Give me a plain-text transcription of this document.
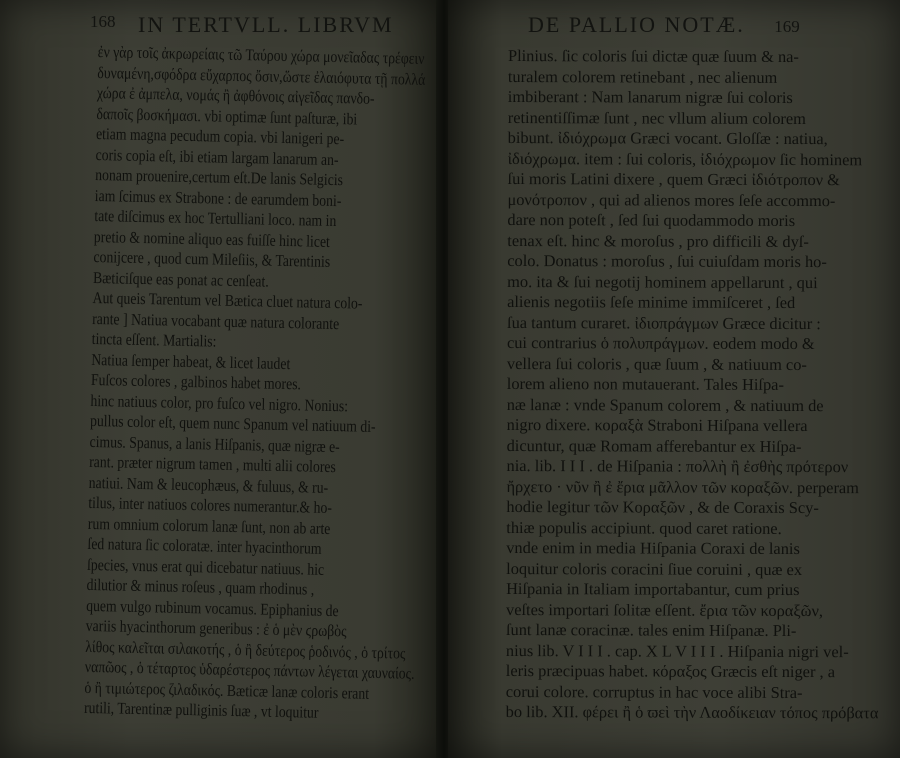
168 IN TERTVLL. LIBRVM
ἐν γὰρ τοῖς ἀκρωρείαις τῶ Ταύρου χώρα μονεῖαδας τρέφειν
δυναμένη,σφόδρα εὔχαρπος ὄσιν,ὥστε ἐλαιόφυτα τῇ πολλά
χώρα ἐ ἀμπελα, νομάς ἢ ἀφθόνοις αἰγεῖδας πανδο-
δαποῖς βοσκήμασι. vbi optimæ ſunt paſturæ, ibi
etiam magna pecudum copia. vbi lanigeri pe-
coris copia eſt, ibi etiam largam lanarum an-
nonam prouenire,certum eſt.De lanis Selgicis
iam ſcimus ex Strabone : de earumdem boni-
tate diſcimus ex hoc Tertulliani loco. nam in
pretio & nomine aliquo eas fuiſſe hinc licet
conijcere , quod cum Mileſiis, & Tarentinis
Bæticiſque eas ponat ac cenſeat.
Aut queis Tarentum vel Bætica cluet natura colo-
rante ] Natiua vocabant quæ natura colorante
tincta eſſent. Martialis:
Natiua ſemper habeat, & licet laudet
Fuſcos colores , galbinos habet mores.
hinc natiuus color, pro fuſco vel nigro. Nonius:
pullus color eſt, quem nunc Spanum vel natiuum di-
cimus. Spanus, a lanis Hiſpanis, quæ nigræ e-
rant. præter nigrum tamen , multi alii colores
natiui. Nam & leucophæus, & fuluus, & ru-
tilus, inter natiuos colores numerantur.& ho-
rum omnium colorum lanæ ſunt, non ab arte
ſed natura ſic coloratæ. inter hyacinthorum
ſpecies, vnus erat qui dicebatur natiuus. hic
dilutior & minus roſeus , quam rhodinus ,
quem vulgo rubinum vocamus. Epiphanius de
variis hyacinthorum generibus : ἐ ὁ μὲν ϛρωβὸς
λίθος καλεῖται σιλακοτής , ὁ ἢ δεύτερος ῥοδινός , ὁ τρίτος
ναπῶος , ὁ τέταρτος ὑδαρέστερος πάντων λέγεται χαυναίος.
ὁ ἢ τιμιώτερος ζιλαδικός. Bæticæ lanæ coloris erant
rutili, Tarentinæ pulliginis ſuæ , vt loquitur
DE PALLIO NOTÆ. 169
Plinius. ſic coloris ſui dictæ quæ ſuum & na-
turalem colorem retinebant , nec alienum
imbiberant : Nam lanarum nigræ ſui coloris
retinentiſſimæ ſunt , nec vllum alium colorem
bibunt. ἰδιόχρωμα Græci vocant. Gloſſæ : natiua,
ἰδιόχρωμα. item : ſui coloris, ἰδιόχρωμον ſic hominem
ſui moris Latini dixere , quem Græci ἰδιότροπον &
μονότροπον , qui ad alienos mores ſeſe accommo-
dare non poteſt , ſed ſui quodammodo moris
tenax eſt. hinc & moroſus , pro difficili & dyſ-
colo. Donatus : moroſus , ſui cuiuſdam moris ho-
mo. ita & ſui negotij hominem appellarunt , qui
alienis negotiis ſeſe minime immiſceret , ſed
ſua tantum curaret. ἰδιοπράγμων Græce dicitur :
cui contrarius ὁ πολυπράγμων. eodem modo &
vellera ſui coloris , quæ ſuum , & natiuum co-
lorem alieno non mutauerant. Tales Hiſpa-
næ lanæ : vnde Spanum colorem , & natiuum de
nigro dixere. κοραξὰ Straboni Hiſpana vellera
dicuntur, quæ Romam afferebantur ex Hiſpa-
nia. lib. I I I . de Hiſpania : πολλὴ ἢ ἐσθὴς πρότερον
ἤρχετο · νῦν ἢ ἐ ἔρια μᾶλλον τῶν κοραξῶν. perperam
hodie legitur τῶν Κοραξῶν , & de Coraxis Scy-
thiæ populis accipiunt. quod caret ratione.
vnde enim in media Hiſpania Coraxi de lanis
loquitur coloris coracini ſiue coruini , quæ ex
Hiſpania in Italiam importabantur, cum prius
veſtes importari ſolitæ eſſent. ἔρια τῶν κοραξῶν,
ſunt lanæ coracinæ. tales enim Hiſpanæ. Pli-
nius lib. V I I I . cap. X L V I I I . Hiſpania nigri vel-
leris præcipuas habet. κόραξος Græcis eſt niger , a
corui colore. corruptus in hac voce alibi Stra-
bo lib. XII. φέρει ἢ ὁ ϖεὶ τὴν Λαοδίκειαν τόπος πρόβατα
